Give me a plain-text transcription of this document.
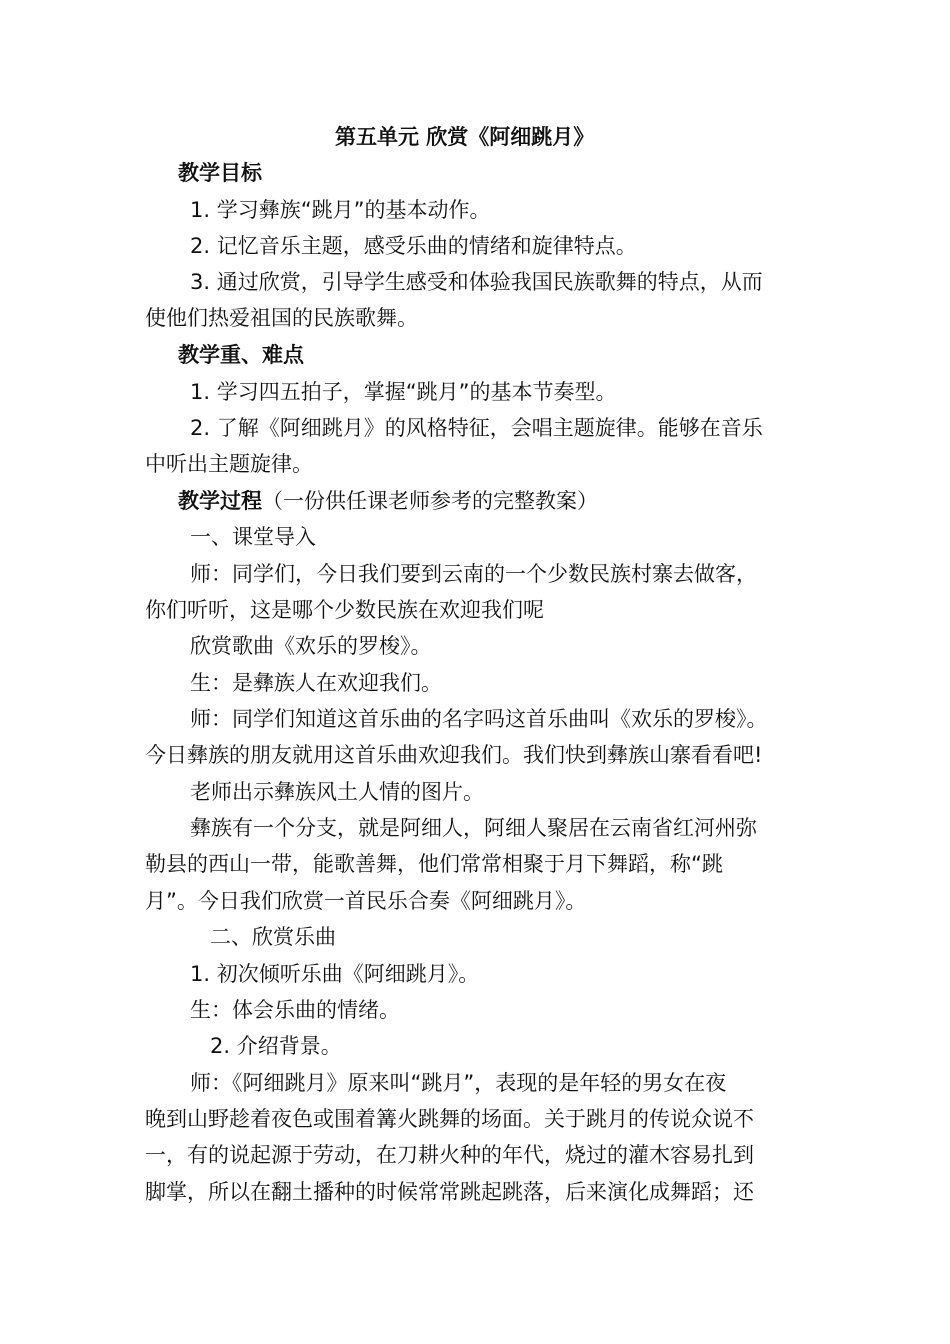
第五单元 欣赏《阿细跳月》
教学目标
1. 学习彝族“跳月”的基本动作。
2. 记忆音乐主题，感受乐曲的情绪和旋律特点。
3. 通过欣赏，引导学生感受和体验我国民族歌舞的特点，从而
使他们热爱祖国的民族歌舞。
教学重、难点
1. 学习四五拍子，掌握“跳月”的基本节奏型。
2. 了解《阿细跳月》的风格特征，会唱主题旋律。能够在音乐
中听出主题旋律。
教学过程（一份供任课老师参考的完整教案）
一、课堂导入
师：同学们，今日我们要到云南的一个少数民族村寨去做客，
你们听听，这是哪个少数民族在欢迎我们呢
欣赏歌曲《欢乐的罗梭》。
生：是彝族人在欢迎我们。
师：同学们知道这首乐曲的名字吗这首乐曲叫《欢乐的罗梭》。
今日彝族的朋友就用这首乐曲欢迎我们。我们快到彝族山寨看看吧!
老师出示彝族风土人情的图片。
彝族有一个分支，就是阿细人，阿细人聚居在云南省红河州弥
勒县的西山一带，能歌善舞，他们常常相聚于月下舞蹈，称“跳
月”。今日我们欣赏一首民乐合奏《阿细跳月》。
二、欣赏乐曲
1. 初次倾听乐曲《阿细跳月》。
生：体会乐曲的情绪。
2. 介绍背景。
师：《阿细跳月》原来叫“跳月”，表现的是年轻的男女在夜
晚到山野趁着夜色或围着篝火跳舞的场面。关于跳月的传说众说不
一，有的说起源于劳动，在刀耕火种的年代，烧过的灌木容易扎到
脚掌，所以在翻土播种的时候常常跳起跳落，后来演化成舞蹈；还
